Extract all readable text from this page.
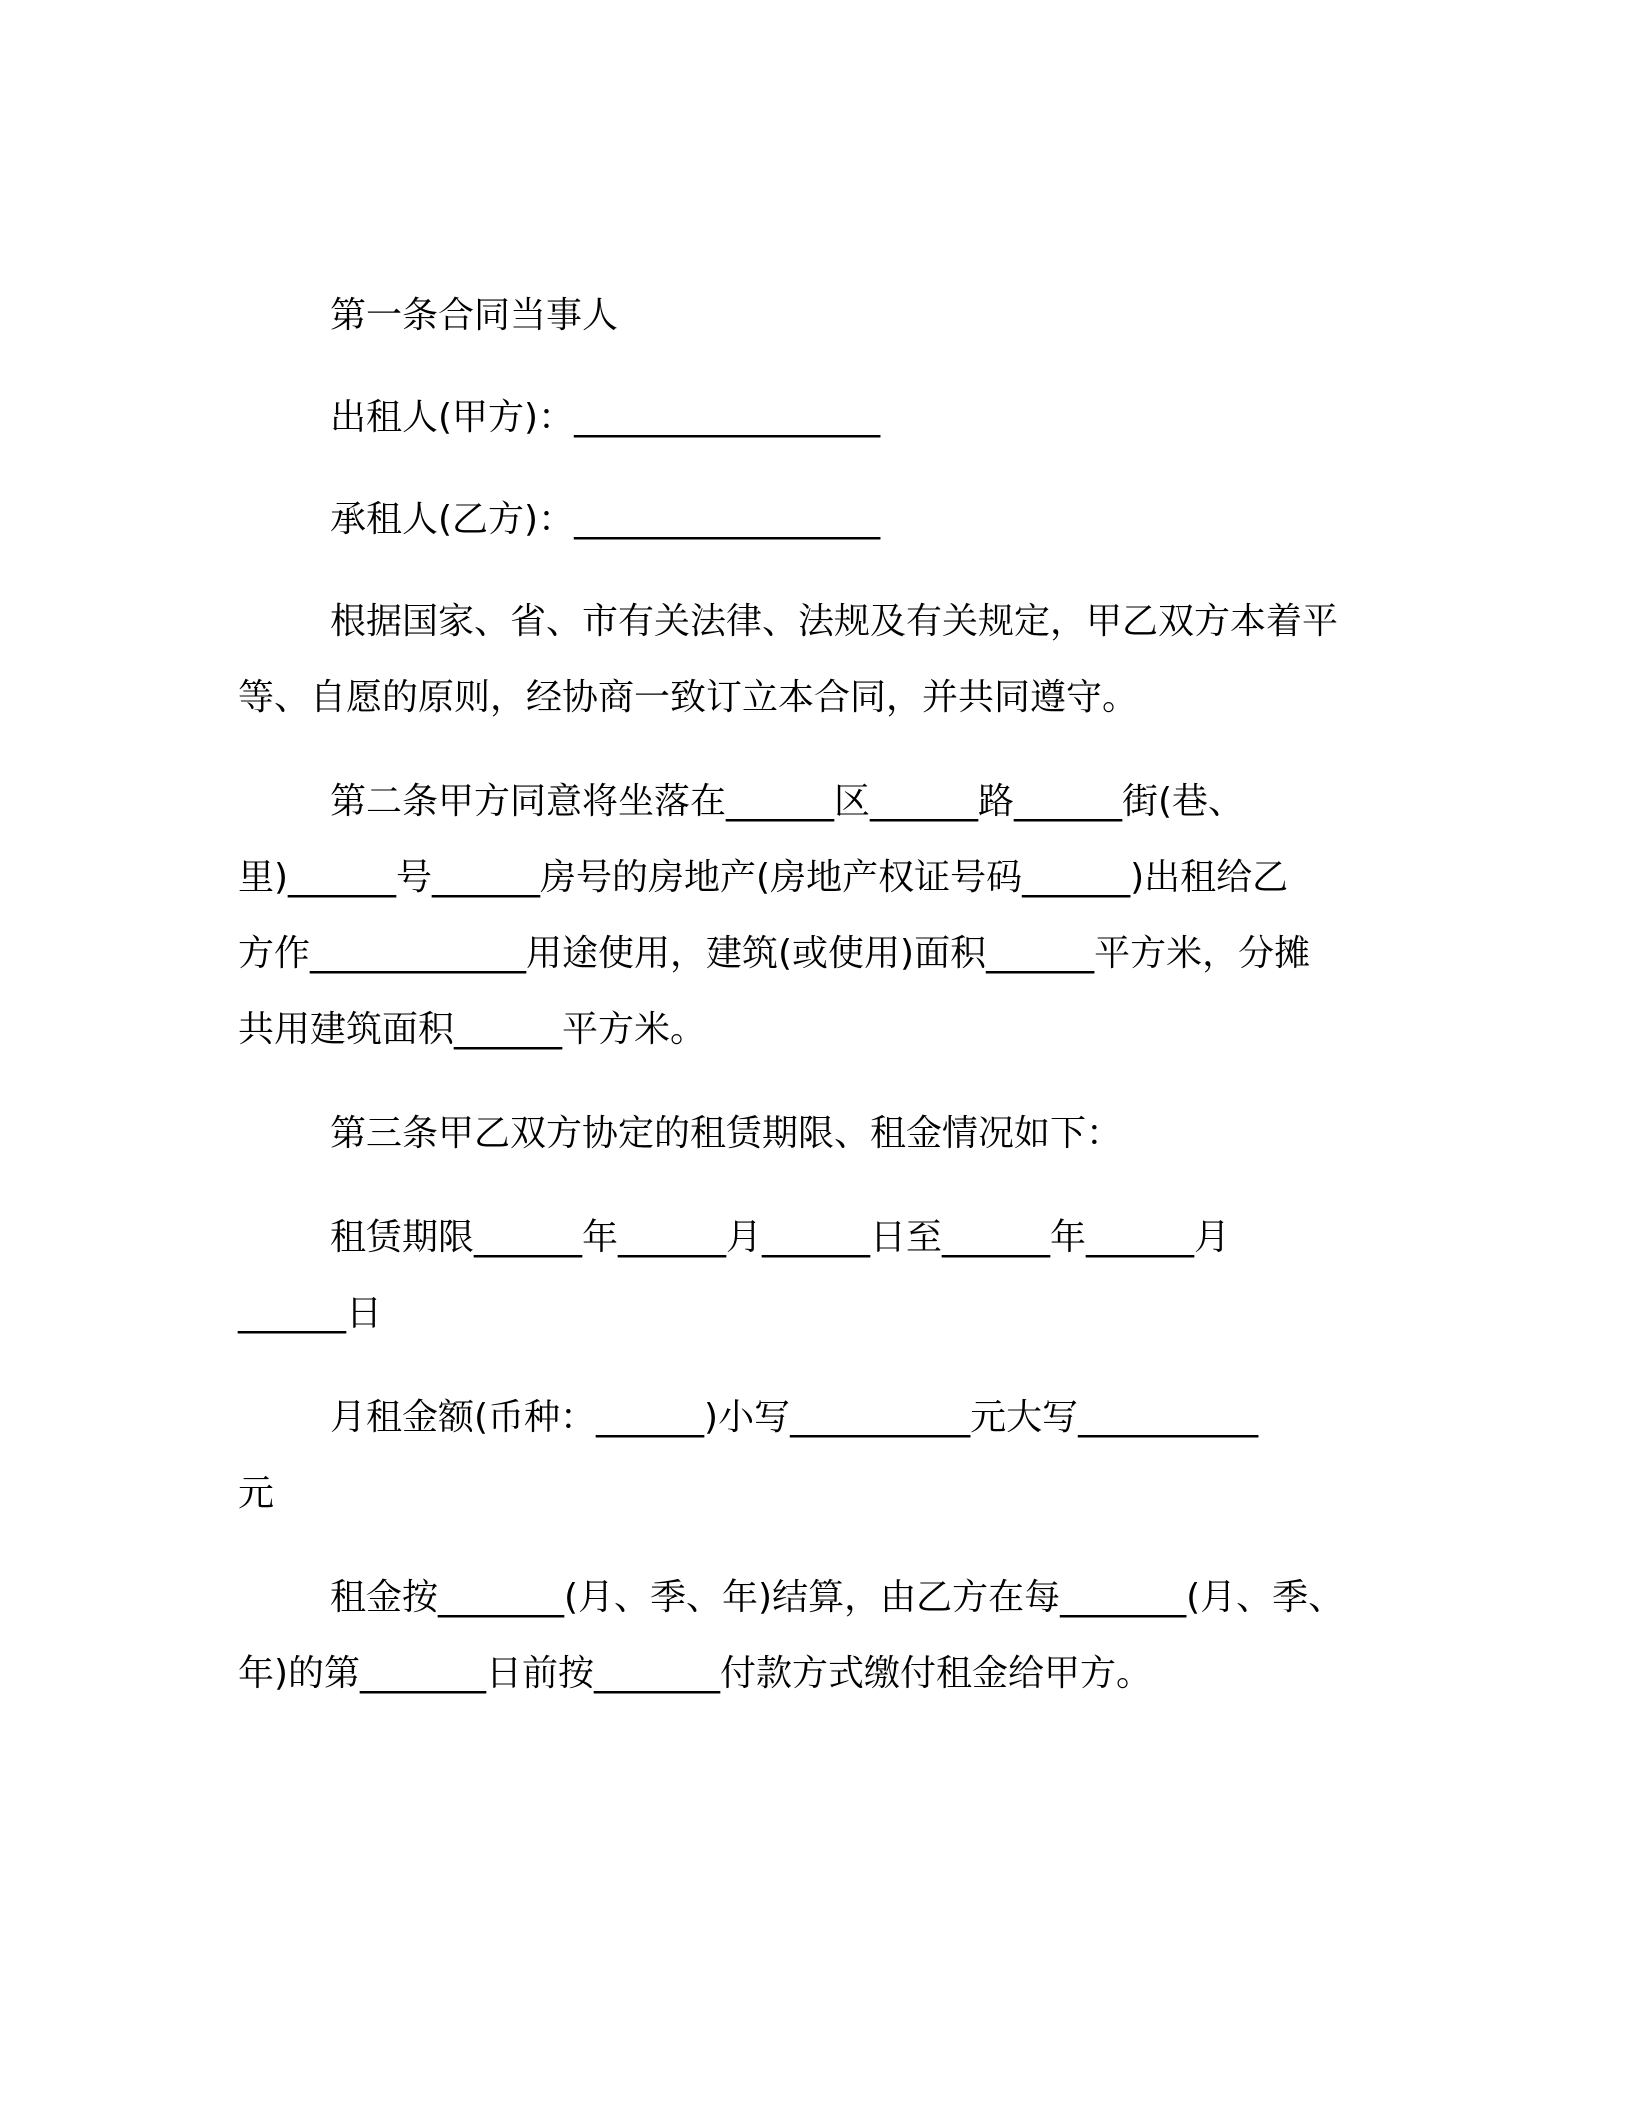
第一条合同当事人
出租人(甲方)：_________________
承租人(乙方)：_________________
根据国家、省、市有关法律、法规及有关规定，甲乙双方本着平
等、自愿的原则，经协商一致订立本合同，并共同遵守。
第二条甲方同意将坐落在______区______路______街(巷、
里)______号______房号的房地产(房地产权证号码______)出租给乙
方作____________用途使用，建筑(或使用)面积______平方米，分摊
共用建筑面积______平方米。
第三条甲乙双方协定的租赁期限、租金情况如下：
租赁期限______年______月______日至______年______月
______日
月租金额(币种：______)小写__________元大写__________
元
租金按_______(月、季、年)结算，由乙方在每_______(月、季、
年)的第_______日前按_______付款方式缴付租金给甲方。
